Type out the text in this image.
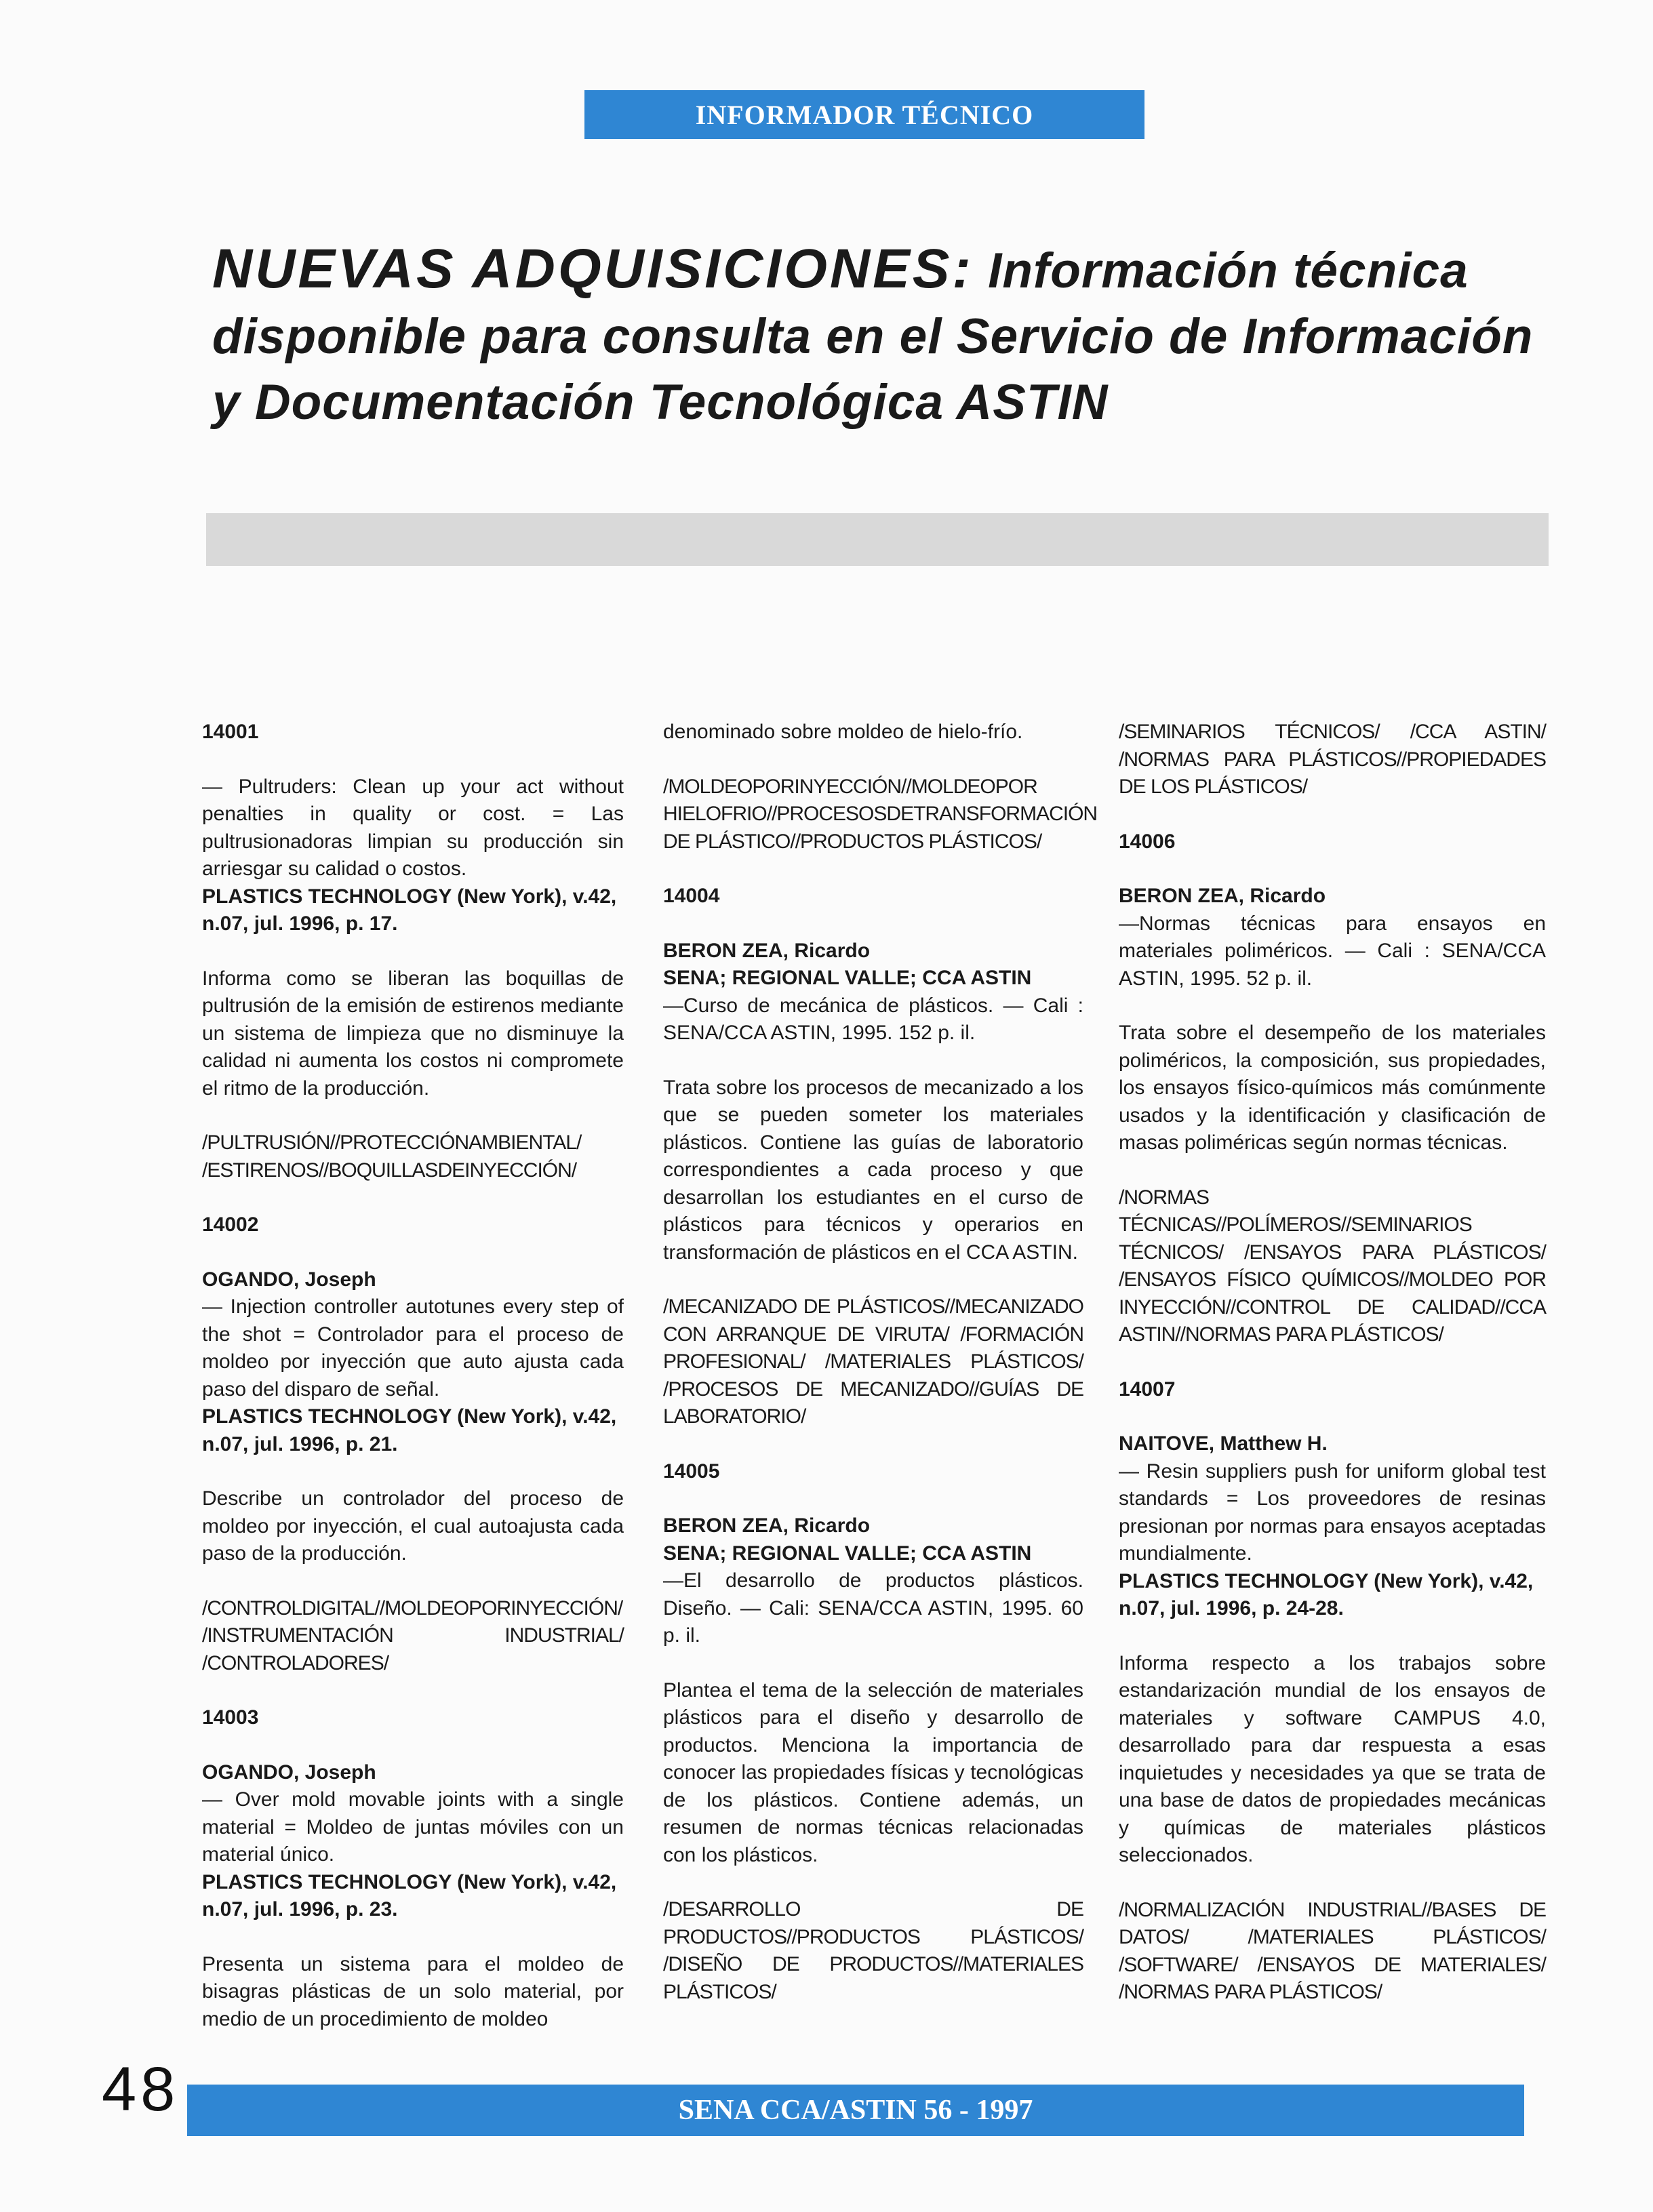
INFORMADOR TÉCNICO
NUEVAS ADQUISICIONES: Información técnica disponible para consulta en el Servicio de Información y Documentación Tecnológica ASTIN
14001
— Pultruders: Clean up your act without penalties in quality or cost. = Las pultrusionadoras limpian su producción sin arriesgar su calidad o costos.
PLASTICS TECHNOLOGY (New York), v.42, n.07, jul. 1996, p. 17.
Informa como se liberan las boquillas de pultrusión de la emisión de estirenos mediante un sistema de limpieza que no disminuye la calidad ni aumenta los costos ni compromete el ritmo de la producción.
/PULTRUSIÓN//PROTECCIÓNAMBIENTAL/ /ESTIRENOS//BOQUILLASDEINYECCIÓN/
14002
OGANDO, Joseph
— Injection controller autotunes every step of the shot = Controlador para el proceso de moldeo por inyección que auto ajusta cada paso del disparo de señal.
PLASTICS TECHNOLOGY (New York), v.42, n.07, jul. 1996, p. 21.
Describe un controlador del proceso de moldeo por inyección, el cual autoajusta cada paso de la producción.
/CONTROLDIGITAL//MOLDEOPORINYECCIÓN/ /INSTRUMENTACIÓN INDUSTRIAL/ /CONTROLADORES/
14003
OGANDO, Joseph
— Over mold movable joints with a single material = Moldeo de juntas móviles con un material único.
PLASTICS TECHNOLOGY (New York), v.42, n.07, jul. 1996, p. 23.
Presenta un sistema para el moldeo de bisagras plásticas de un solo material, por medio de un procedimiento de moldeo
denominado sobre moldeo de hielo-frío.
/MOLDEOPORINYECCIÓN//MOLDEOPOR HIELOFRIO//PROCESOSDETRANSFORMACIÓN DE PLÁSTICO//PRODUCTOS PLÁSTICOS/
14004
BERON ZEA, Ricardo
SENA; REGIONAL VALLE; CCA ASTIN
—Curso de mecánica de plásticos. — Cali : SENA/CCA ASTIN, 1995. 152 p. il.
Trata sobre los procesos de mecanizado a los que se pueden someter los materiales plásticos. Contiene las guías de laboratorio correspondientes a cada proceso y que desarrollan los estudiantes en el curso de plásticos para técnicos y operarios en transformación de plásticos en el CCA ASTIN.
/MECANIZADO DE PLÁSTICOS//MECANIZADO CON ARRANQUE DE VIRUTA/ /FORMACIÓN PROFESIONAL/ /MATERIALES PLÁSTICOS/ /PROCESOS DE MECANIZADO//GUÍAS DE LABORATORIO/
14005
BERON ZEA, Ricardo
SENA; REGIONAL VALLE; CCA ASTIN
—El desarrollo de productos plásticos. Diseño. — Cali: SENA/CCA ASTIN, 1995. 60 p. il.
Plantea el tema de la selección de materiales plásticos para el diseño y desarrollo de productos. Menciona la importancia de conocer las propiedades físicas y tecnológicas de los plásticos. Contiene además, un resumen de normas técnicas relacionadas con los plásticos.
/DESARROLLO DE PRODUCTOS//PRODUCTOS PLÁSTICOS/ /DISEÑO DE PRODUCTOS//MATERIALES PLÁSTICOS/
/SEMINARIOS TÉCNICOS/ /CCA ASTIN/ /NORMAS PARA PLÁSTICOS//PROPIEDADES DE LOS PLÁSTICOS/
14006
BERON ZEA, Ricardo
—Normas técnicas para ensayos en materiales poliméricos. — Cali : SENA/CCA ASTIN, 1995. 52 p. il.
Trata sobre el desempeño de los materiales poliméricos, la composición, sus propiedades, los ensayos físico-químicos más comúnmente usados y la identificación y clasificación de masas poliméricas según normas técnicas.
/NORMAS TÉCNICAS//POLÍMEROS//SEMINARIOS TÉCNICOS/ /ENSAYOS PARA PLÁSTICOS/ /ENSAYOS FÍSICO QUÍMICOS//MOLDEO POR INYECCIÓN//CONTROL DE CALIDAD//CCA ASTIN//NORMAS PARA PLÁSTICOS/
14007
NAITOVE, Matthew H.
— Resin suppliers push for uniform global test standards = Los proveedores de resinas presionan por normas para ensayos aceptadas mundialmente.
PLASTICS TECHNOLOGY (New York), v.42, n.07, jul. 1996, p. 24-28.
Informa respecto a los trabajos sobre estandarización mundial de los ensayos de materiales y software CAMPUS 4.0, desarrollado para dar respuesta a esas inquietudes y necesidades ya que se trata de una base de datos de propiedades mecánicas y químicas de materiales plásticos seleccionados.
/NORMALIZACIÓN INDUSTRIAL//BASES DE DATOS/ /MATERIALES PLÁSTICOS/ /SOFTWARE/ /ENSAYOS DE MATERIALES/ /NORMAS PARA PLÁSTICOS/
48	SENA CCA/ASTIN 56 - 1997
